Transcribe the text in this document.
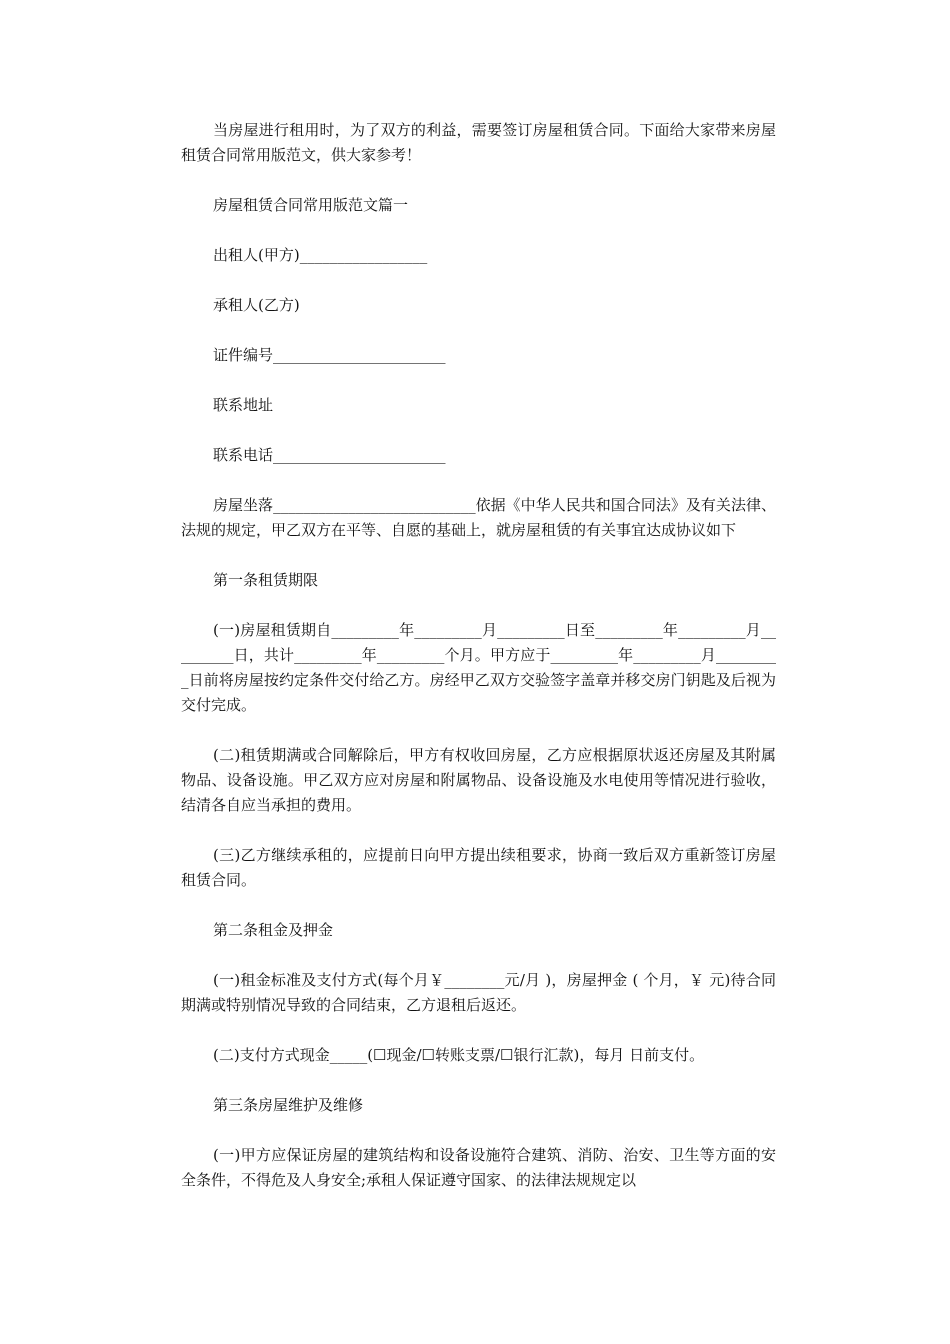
当房屋进行租用时，为了双方的利益，需要签订房屋租赁合同。下面给大家带来房屋租赁合同常用版范文，供大家参考！

房屋租赁合同常用版范文篇一

出租人(甲方)_________________

承租人(乙方)

证件编号_______________________

联系地址

联系电话_______________________

房屋坐落___________________________依据《中华人民共和国合同法》及有关法律、法规的规定，甲乙双方在平等、自愿的基础上，就房屋租赁的有关事宜达成协议如下

第一条租赁期限

(一)房屋租赁期自_________年_________月_________日至_________年_________月_________日，共计_________年_________个月。甲方应于_________年_________月_________日前将房屋按约定条件交付给乙方。房经甲乙双方交验签字盖章并移交房门钥匙及后视为交付完成。

(二)租赁期满或合同解除后，甲方有权收回房屋，乙方应根据原状返还房屋及其附属物品、设备设施。甲乙双方应对房屋和附属物品、设备设施及水电使用等情况进行验收，结清各自应当承担的费用。

(三)乙方继续承租的，应提前日向甲方提出续租要求，协商一致后双方重新签订房屋租赁合同。

第二条租金及押金

(一)租金标准及支付方式(每个月￥________元/月 )，房屋押金 ( 个月，￥ 元)待合同期满或特别情况导致的合同结束，乙方退租后返还。

(二)支付方式现金_____(☐现金/☐转账支票/☐银行汇款)，每月 日前支付。

第三条房屋维护及维修

(一)甲方应保证房屋的建筑结构和设备设施符合建筑、消防、治安、卫生等方面的安全条件，不得危及人身安全;承租人保证遵守国家、的法律法规规定以
